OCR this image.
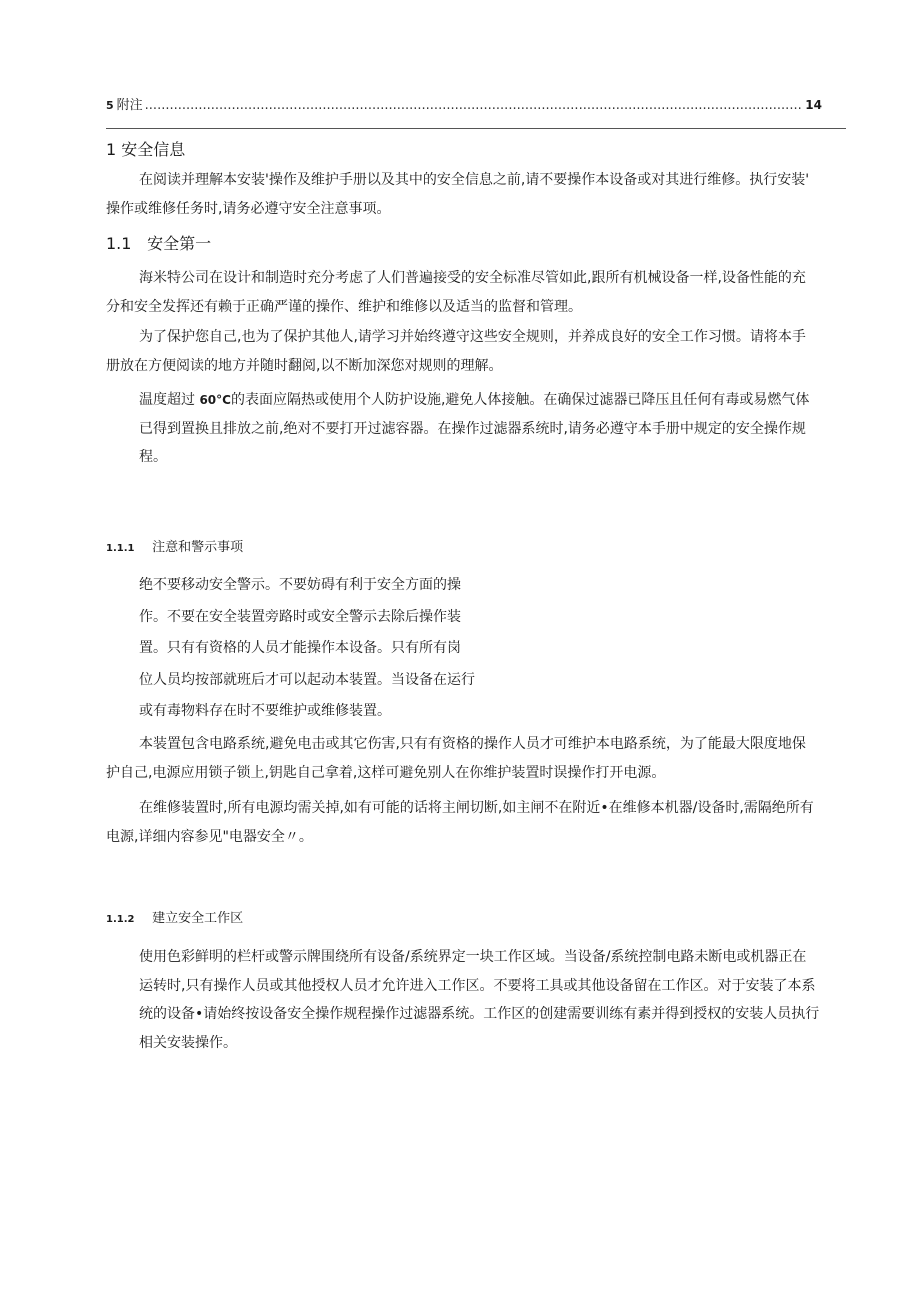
5 附注
.....	14
1 安全信息
在阅读并理解本安装'操作及维护手册以及其中的安全信息之前,请不要操作本设备或对其进行维修。执行安装'
操作或维修任务时,请务必遵守安全注意事项。
1.1 安全第一
海米特公司在设计和制造时充分考虑了人们普遍接受的安全标准尽管如此,跟所有机械设备一样,设备性能的充
分和安全发挥还有赖于正确严谨的操作、维护和维修以及适当的监督和管理。
为了保护您自己,也为了保护其他人,请学习并始终遵守这些安全规则，并养成良好的安全工作习惯。请将本手
册放在方便阅读的地方并随时翻阅,以不断加深您对规则的理解。
温度超过 60°C的表面应隔热或使用个人防护设施,避免人体接触。在确保过滤器已降压且任何有毒或易燃气体
已得到置换且排放之前,绝对不要打开过滤容器。在操作过滤器系统时,请务必遵守本手册中规定的安全操作规
程。
1.1.1 注意和警示事项
绝不要移动安全警示。不要妨碍有利于安全方面的操
作。不要在安全装置旁路时或安全警示去除后操作装
置。只有有资格的人员才能操作本设备。只有所有岗
位人员均按部就班后才可以起动本装置。当设备在运行
或有毒物料存在时不要维护或维修装置。
本装置包含电路系统,避免电击或其它伤害,只有有资格的操作人员才可维护本电路系统，为了能最大限度地保
护自己,电源应用锁子锁上,钥匙自己拿着,这样可避免别人在你维护装置时误操作打开电源。
在维修装置时,所有电源均需关掉,如有可能的话将主闸切断,如主闸不在附近•在维修本机器/设备时,需隔绝所有
电源,详细内容参见"电器安全〃。
1.1.2 建立安全工作区
使用色彩鲜明的栏杆或警示牌围绕所有设备/系统界定一块工作区域。当设备/系统控制电路未断电或机器正在
运转时,只有操作人员或其他授权人员才允许进入工作区。不要将工具或其他设备留在工作区。对于安装了本系
统的设备•请始终按设备安全操作规程操作过滤器系统。工作区的创建需要训练有素并得到授权的安装人员执行
相关安装操作。
